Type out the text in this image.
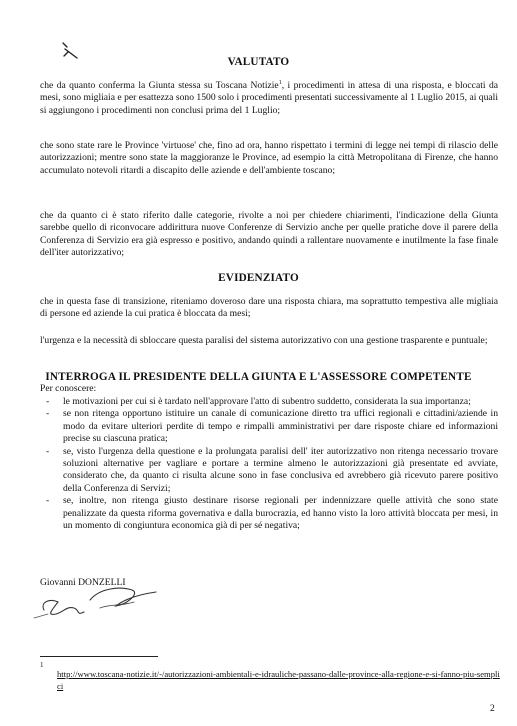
VALUTATO

che da quanto conferma la Giunta stessa su Toscana Notizie$^1$, i procedimenti in attesa di una risposta, e bloccati da mesi, sono migliaia e per esattezza sono 1500 solo i procedimenti presentati successivamente al 1 Luglio 2015, ai quali si aggiungono i procedimenti non conclusi prima del 1 Luglio;

che sono state rare le Province 'virtuose' che, fino ad ora, hanno rispettato i termini di legge nei tempi di rilascio delle autorizzazioni; mentre sono state la maggioranze le Province, ad esempio la città Metropolitana di Firenze, che hanno accumulato notevoli ritardi a discapito delle aziende e dell'ambiente toscano;

che da quanto ci è stato riferito dalle categorie, rivolte a noi per chiedere chiarimenti, l'indicazione della Giunta sarebbe quello di riconvocare addirittura nuove Conferenze di Servizio anche per quelle pratiche dove il parere della Conferenza di Servizio era già espresso e positivo, andando quindi a rallentare nuovamente e inutilmente la fase finale dell'iter autorizzativo;

EVIDENZIATO

che in questa fase di transizione, riteniamo doveroso dare una risposta chiara, ma soprattutto tempestiva alle migliaia di persone ed aziende la cui pratica è bloccata da mesi;

l'urgenza e la necessità di sbloccare questa paralisi del sistema autorizzativo con una gestione trasparente e puntuale;

INTERROGA IL PRESIDENTE DELLA GIUNTA E L'ASSESSORE COMPETENTE

Per conoscere:

- le motivazioni per cui si è tardato nell'approvare l'atto di subentro suddetto, considerata la sua importanza;
- se non ritenga opportuno istituire un canale di comunicazione diretto tra uffici regionali e cittadini/aziende in modo da evitare ulteriori perdite di tempo e rimpalli amministrativi per dare risposte chiare ed informazioni precise su ciascuna pratica;
- se, visto l'urgenza della questione e la prolungata paralisi dell' iter autorizzativo non ritenga necessario trovare soluzioni alternative per vagliare e portare a termine almeno le autorizzazioni già presentate ed avviate, considerato che, da quanto ci risulta alcune sono in fase conclusiva ed avrebbero già ricevuto parere positivo della Conferenza di Servizi;
- se, inoltre, non ritenga giusto destinare risorse regionali per indennizzare quelle attività che sono state penalizzate da questa riforma governativa e dalla burocrazia, ed hanno visto la loro attività bloccata per mesi, in un momento di congiuntura economica già di per sé negativa;
Giovanni DONZELLI
1
http://www.toscana-notizie.it/-/autorizzazioni-ambientali-e-idrauliche-passano-dalle-province-alla-regione-e-si-fanno-piu-semplici
2
